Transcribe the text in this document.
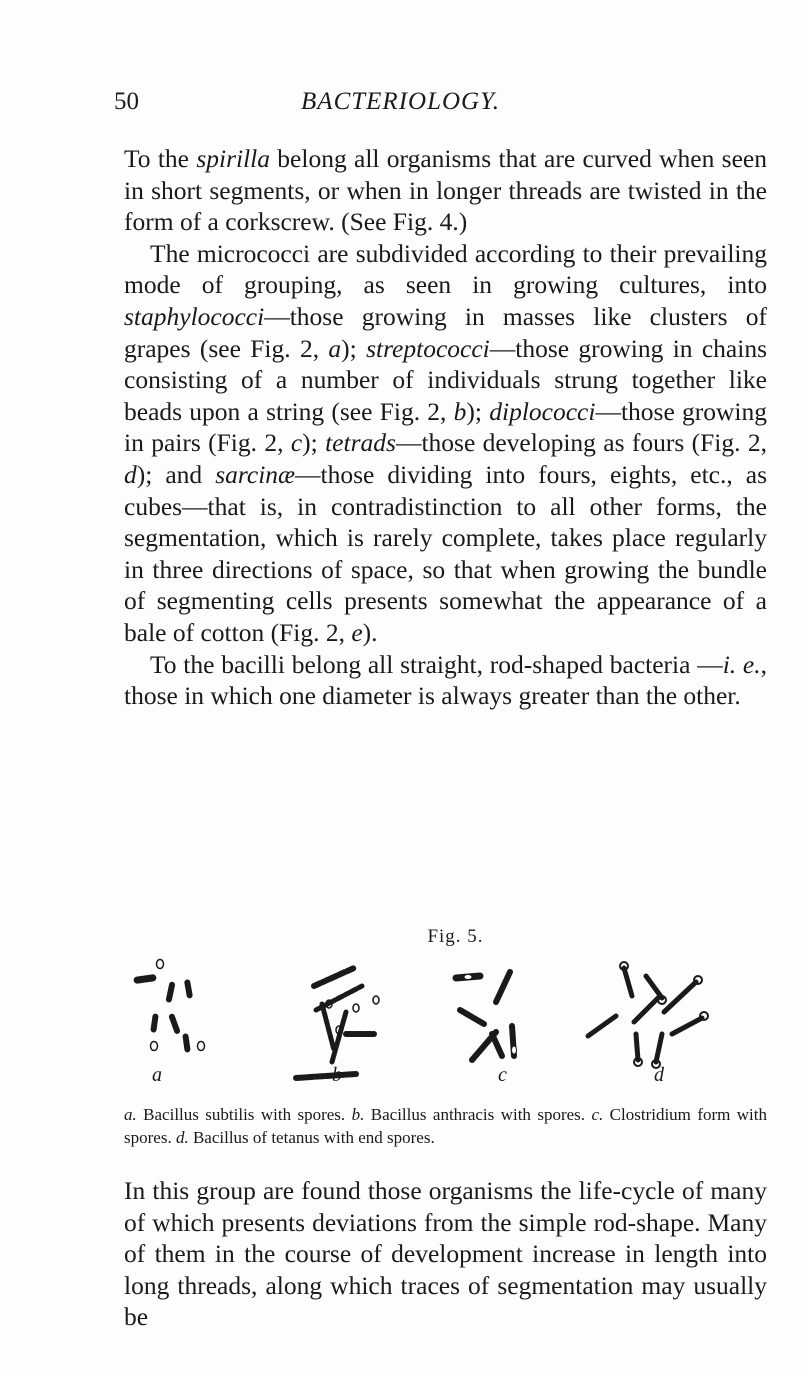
50	BACTERIOLOGY.

To the spirilla belong all organisms that are curved when seen in short segments, or when in longer threads are twisted in the form of a corkscrew. (See Fig. 4.)

The micrococci are subdivided according to their prevailing mode of grouping, as seen in growing cultures, into staphylococci—those growing in masses like clusters of grapes (see Fig. 2, a); streptococci—those growing in chains consisting of a number of individuals strung together like beads upon a string (see Fig. 2, b); diplococci—those growing in pairs (Fig. 2, c); tetrads—those developing as fours (Fig. 2, d); and sarcinæ—those dividing into fours, eights, etc., as cubes—that is, in contradistinction to all other forms, the segmentation, which is rarely complete, takes place regularly in three directions of space, so that when growing the bundle of segmenting cells presents somewhat the appearance of a bale of cotton (Fig. 2, e).

To the bacilli belong all straight, rod-shaped bacteria —i. e., those in which one diameter is always greater than the other.

Fig. 5.
a	b	c	d
a. Bacillus subtilis with spores. b. Bacillus anthracis with spores. c. Clostridium form with spores. d. Bacillus of tetanus with end spores.

In this group are found those organisms the life-cycle of many of which presents deviations from the simple rod-shape. Many of them in the course of development increase in length into long threads, along which traces of segmentation may usually be
